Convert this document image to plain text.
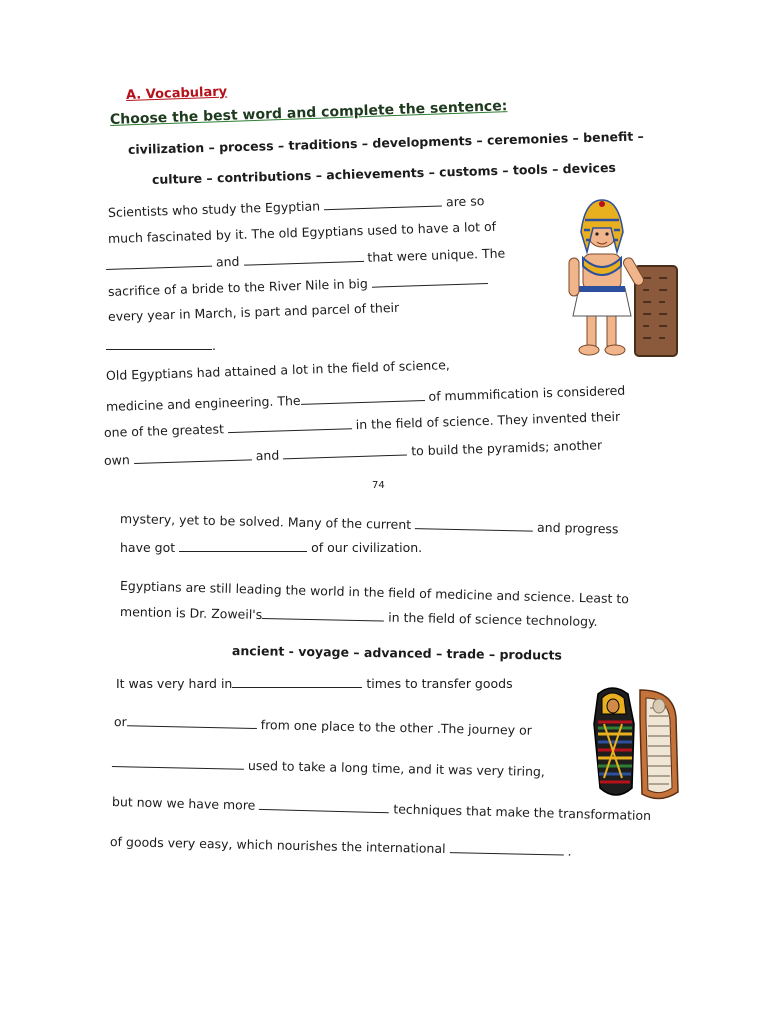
A. Vocabulary
Choose the best word and complete the sentence:
civilization – process – traditions – developments – ceremonies – benefit –
culture – contributions – achievements – customs – tools – devices
Scientists who study the Egyptian	are so
much fascinated by it. The old Egyptians used to have a lot of
and	that were unique. The
sacrifice of a bride to the River Nile in big
every year in March, is part and parcel of their
.
Old Egyptians had attained a lot in the field of science,
medicine and engineering. The	of mummification is considered
one of the greatest	in the field of science. They invented their
own	and	to build the pyramids; another
74
mystery, yet to be solved. Many of the current	and progress
have got	of our civilization.
Egyptians are still leading the world in the field of medicine and science. Least to
mention is Dr. Zoweil's	in the field of science technology.
ancient - voyage – advanced – trade – products
It was very hard in	times to transfer goods
or	from one place to the other .The journey or
used to take a long time, and it was very tiring,
but now we have more	techniques that make the transformation
of goods very easy, which nourishes the international	.
